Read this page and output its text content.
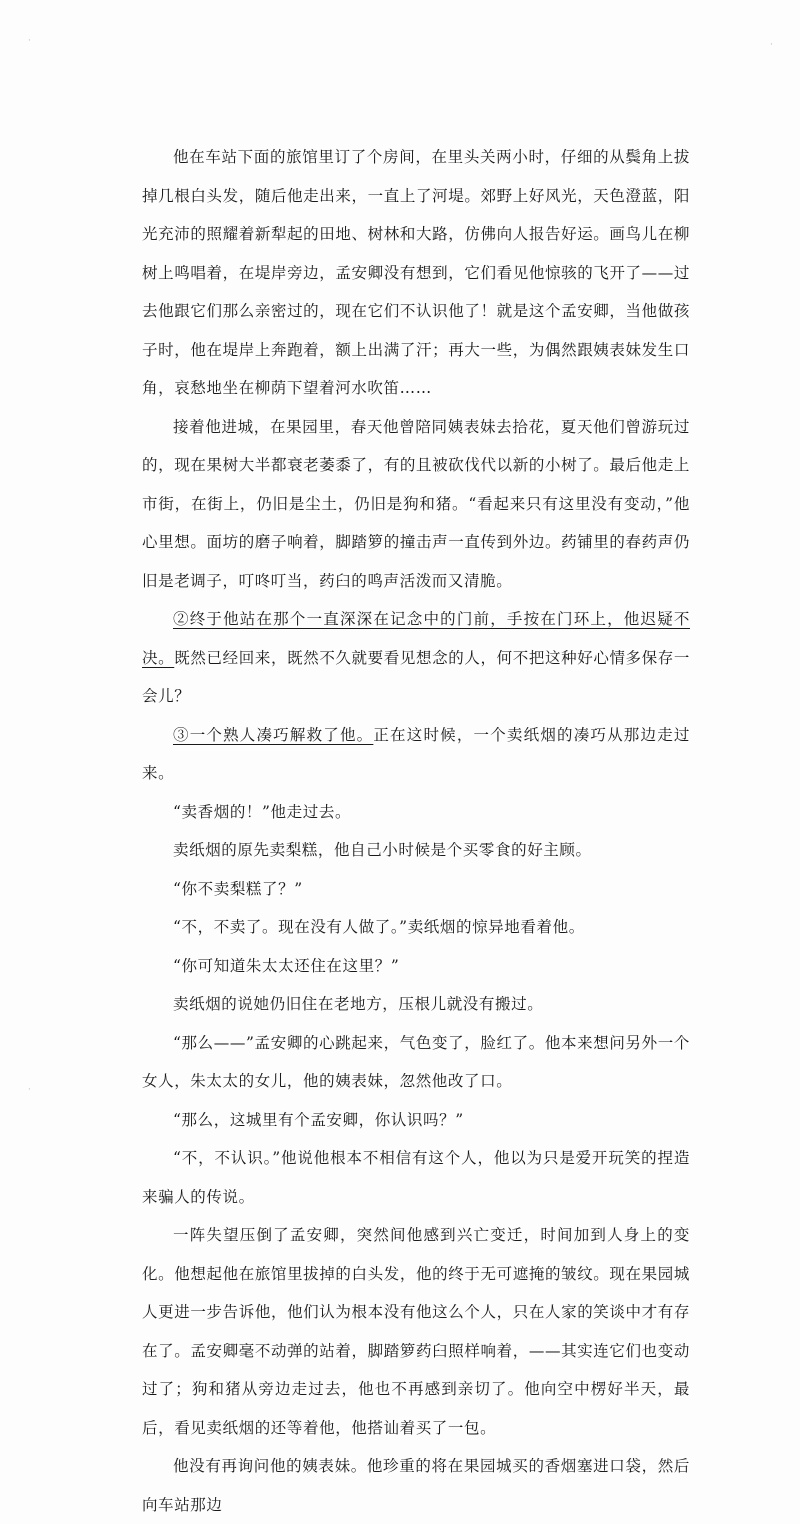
·	·
·

他在车站下面的旅馆里订了个房间，在里头关两小时，仔细的从鬓角上拔掉几根白头发，随后他走出来，一直上了河堤。郊野上好风光，天色澄蓝，阳光充沛的照耀着新犁起的田地、树林和大路，仿佛向人报告好运。画鸟儿在柳树上鸣唱着，在堤岸旁边，孟安卿没有想到，它们看见他惊骇的飞开了——过去他跟它们那么亲密过的，现在它们不认识他了！就是这个孟安卿，当他做孩子时，他在堤岸上奔跑着，额上出满了汗；再大一些，为偶然跟姨表妹发生口角，哀愁地坐在柳荫下望着河水吹笛……

接着他进城，在果园里，春天他曾陪同姨表妹去拾花，夏天他们曾游玩过的，现在果树大半都衰老萎黍了，有的且被砍伐代以新的小树了。最后他走上市街，在街上，仍旧是尘土，仍旧是狗和猪。“看起来只有这里没有变动，”他心里想。面坊的磨子响着，脚踏箩的撞击声一直传到外边。药铺里的春药声仍旧是老调子，叮咚叮当，药臼的鸣声活泼而又清脆。

②终于他站在那个一直深深在记念中的门前，手按在门环上，他迟疑不决。既然已经回来，既然不久就要看见想念的人，何不把这种好心情多保存一会儿？

③一个熟人凑巧解救了他。正在这时候，一个卖纸烟的凑巧从那边走过来。

“卖香烟的！”他走过去。

卖纸烟的原先卖梨糕，他自己小时候是个买零食的好主顾。

“你不卖梨糕了？”

“不，不卖了。现在没有人做了。”卖纸烟的惊异地看着他。

“你可知道朱太太还住在这里？”

卖纸烟的说她仍旧住在老地方，压根儿就没有搬过。

“那么——”孟安卿的心跳起来，气色变了，脸红了。他本来想问另外一个女人，朱太太的女儿，他的姨表妹，忽然他改了口。

“那么，这城里有个孟安卿，你认识吗？”

“不，不认识。”他说他根本不相信有这个人，他以为只是爱开玩笑的捏造来骗人的传说。

一阵失望压倒了孟安卿，突然间他感到兴亡变迁，时间加到人身上的变化。他想起他在旅馆里拔掉的白头发，他的终于无可遮掩的皱纹。现在果园城人更进一步告诉他，他们认为根本没有他这么个人，只在人家的笑谈中才有存在了。孟安卿毫不动弹的站着，脚踏箩药臼照样响着，——其实连它们也变动过了；狗和猪从旁边走过去，他也不再感到亲切了。他向空中楞好半天，最后，看见卖纸烟的还等着他，他搭讪着买了一包。

他没有再询问他的姨表妹。他珍重的将在果园城买的香烟塞进口袋，然后向车站那边
